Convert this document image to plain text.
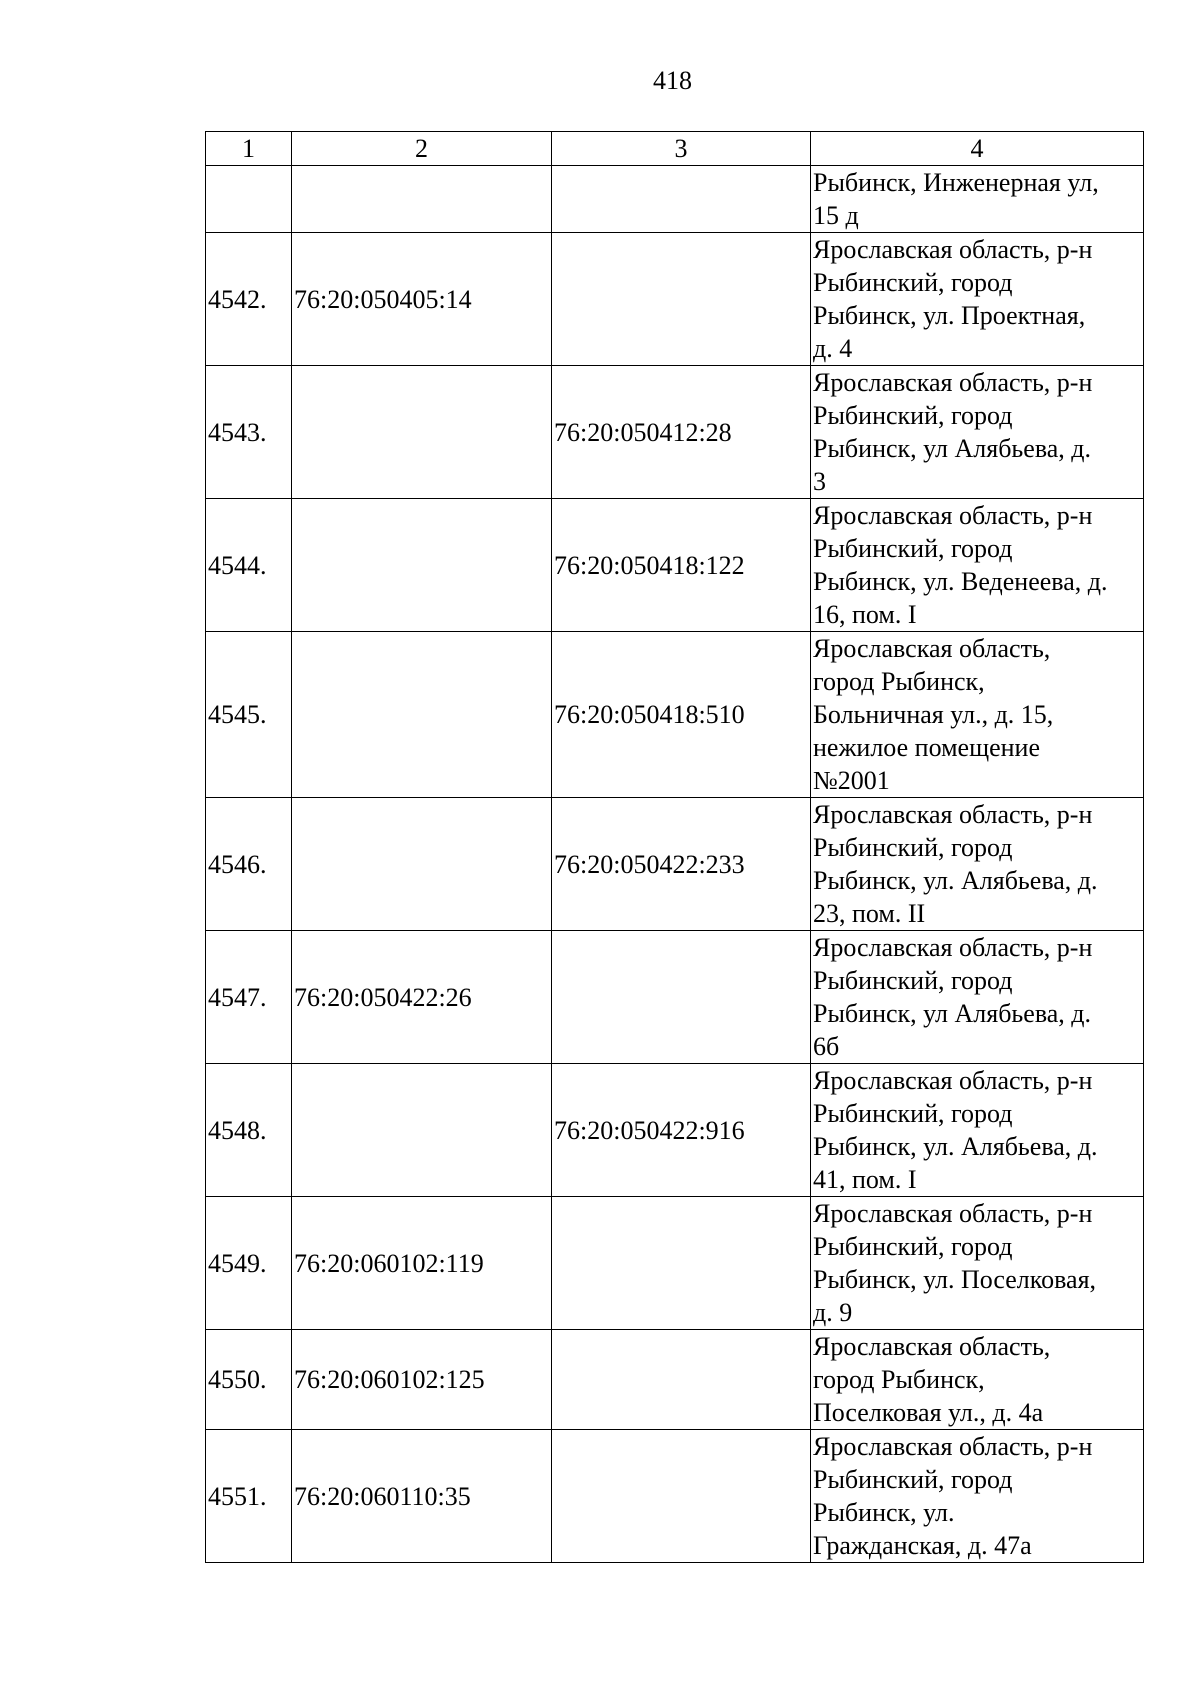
418
1	2	3	4
			Рыбинск, Инженерная ул,
15 д
4542.	76:20:050405:14		Ярославская область, р-н
Рыбинский, город
Рыбинск, ул. Проектная,
д. 4
4543.		76:20:050412:28	Ярославская область, р-н
Рыбинский, город
Рыбинск, ул Алябьева, д.
3
4544.		76:20:050418:122	Ярославская область, р-н
Рыбинский, город
Рыбинск, ул. Веденеева, д.
16, пом. I
4545.		76:20:050418:510	Ярославская область,
город Рыбинск,
Больничная ул., д. 15,
нежилое помещение
№2001
4546.		76:20:050422:233	Ярославская область, р-н
Рыбинский, город
Рыбинск, ул. Алябьева, д.
23, пом. II
4547.	76:20:050422:26		Ярославская область, р-н
Рыбинский, город
Рыбинск, ул Алябьева, д.
6б
4548.		76:20:050422:916	Ярославская область, р-н
Рыбинский, город
Рыбинск, ул. Алябьева, д.
41, пом. I
4549.	76:20:060102:119		Ярославская область, р-н
Рыбинский, город
Рыбинск, ул. Поселковая,
д. 9
4550.	76:20:060102:125		Ярославская область,
город Рыбинск,
Поселковая ул., д. 4а
4551.	76:20:060110:35		Ярославская область, р-н
Рыбинский, город
Рыбинск, ул.
Гражданская, д. 47а
